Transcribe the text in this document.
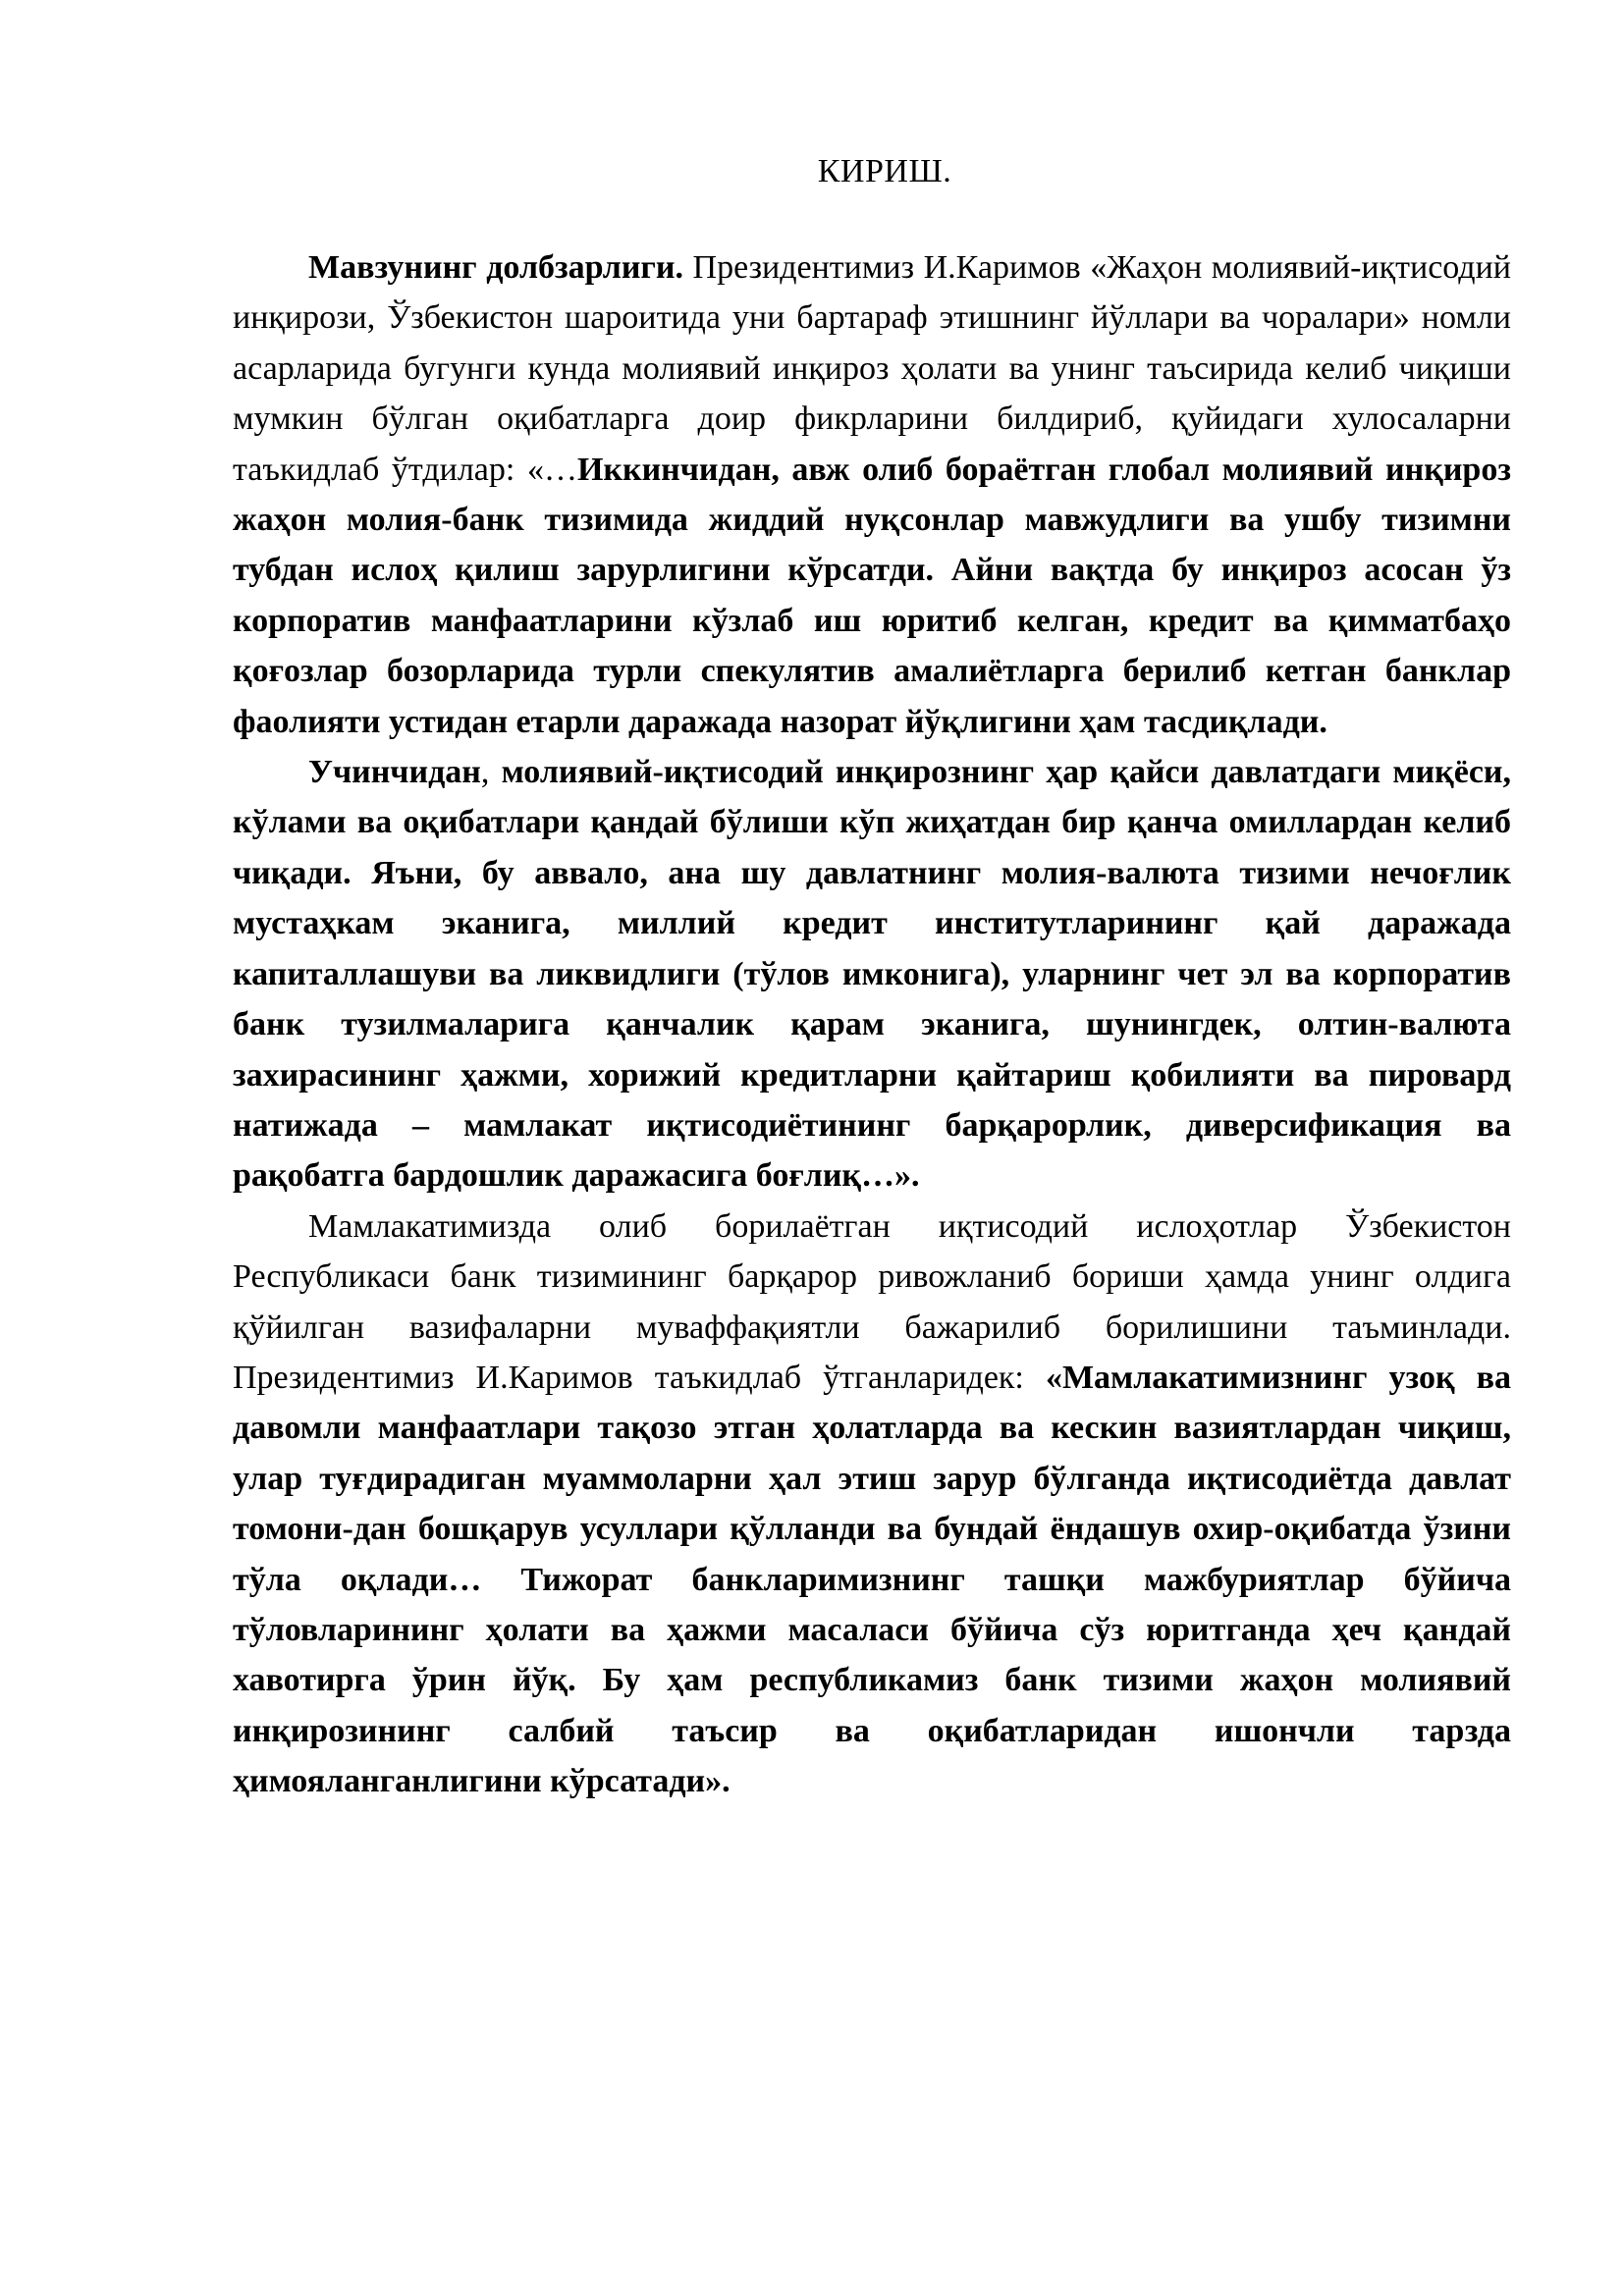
КИРИШ.

Мавзунинг долбзарлиги. Президентимиз И.Каримов «Жаҳон молиявий-иқтисодий инқирози, Ўзбекистон шароитида уни бартараф этишнинг йўллари ва чоралари» номли асарларида бугунги кунда молиявий инқироз ҳолати ва унинг таъсирида келиб чиқиши мумкин бўлган оқибатларга доир фикрларини билдириб, қуйидаги хулосаларни таъкидлаб ўтдилар: «…Иккинчидан, авж олиб бораётган глобал молиявий инқироз жаҳон молия-банк тизимида жиддий нуқсонлар мавжудлиги ва ушбу тизимни тубдан ислоҳ қилиш зарурлигини кўрсатди. Айни вақтда бу инқироз асосан ўз корпоратив манфаатларини кўзлаб иш юритиб келган, кредит ва қимматбаҳо қоғозлар бозорларида турли спекулятив амалиётларга берилиб кетган банклар фаолияти устидан етарли даражада назорат йўқлигини ҳам тасдиқлади.

Учинчидан, молиявий-иқтисодий инқирознинг ҳар қайси давлатдаги миқёси, кўлами ва оқибатлари қандай бўлиши кўп жиҳатдан бир қанча омиллардан келиб чиқади. Яъни, бу аввало, ана шу давлатнинг молия-валюта тизими нечоғлик мустаҳкам эканига, миллий кредит институтларининг қай даражада капиталлашуви ва ликвидлиги (тўлов имконига), уларнинг чет эл ва корпоратив банк тузилмаларига қанчалик қарам эканига, шунингдек, олтин-валюта захирасининг ҳажми, хорижий кредитларни қайтариш қобилияти ва пировард натижада – мамлакат иқтисодиётининг барқарорлик, диверсификация ва рақобатга бардошлик даражасига боғлиқ…».

Мамлакатимизда олиб борилаётган иқтисодий ислоҳотлар Ўзбекистон Республикаси банк тизимининг барқарор ривожланиб бориши ҳамда унинг олдига қўйилган вазифаларни муваффақиятли бажарилиб борилишини таъминлади. Президентимиз И.Каримов таъкидлаб ўтганларидек: «Мамлакатимизнинг узоқ ва давомли манфаатлари тақозо этган ҳолатларда ва кескин вазиятлардан чиқиш, улар туғдирадиган муаммоларни ҳал этиш зарур бўлганда иқтисодиётда давлат томони-дан бошқарув усуллари қўлланди ва бундай ёндашув охир-оқибатда ўзини тўла оқлади… Тижорат банкларимизнинг ташқи мажбуриятлар бўйича тўловларининг ҳолати ва ҳажми масаласи бўйича сўз юритганда ҳеч қандай хавотирга ўрин йўқ. Бу ҳам республикамиз банк тизими жаҳон молиявий инқирозининг салбий таъсир ва оқибатларидан ишончли тарзда ҳимояланганлигини кўрсатади».
